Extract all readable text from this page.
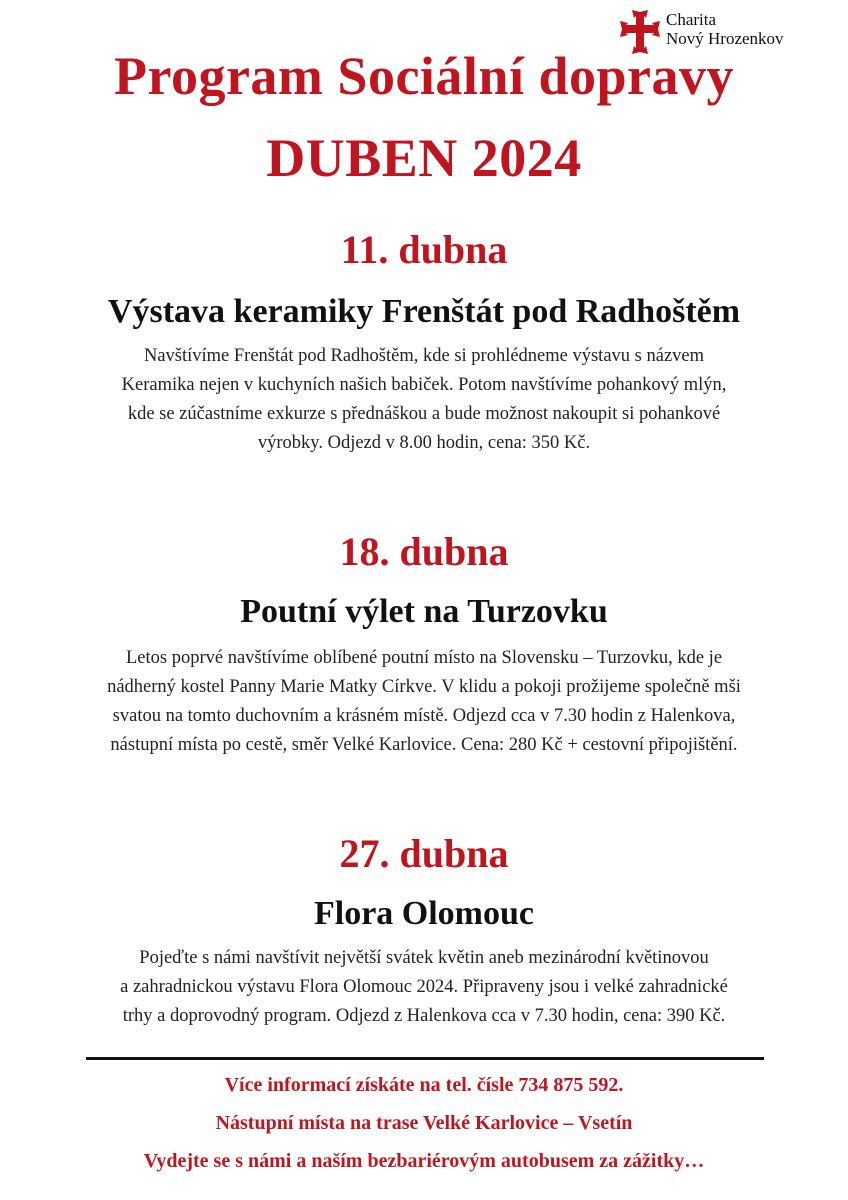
Charita
Nový Hrozenkov
Program Sociální dopravy
DUBEN 2024
11. dubna
Výstava keramiky Frenštát pod Radhoštěm
Navštívíme Frenštát pod Radhoštěm, kde si prohlédneme výstavu s názvem
Keramika nejen v kuchyních našich babiček. Potom navštívíme pohankový mlýn,
kde se zúčastníme exkurze s přednáškou a bude možnost nakoupit si pohankové
výrobky. Odjezd v 8.00 hodin, cena: 350 Kč.
18. dubna
Poutní výlet na Turzovku
Letos poprvé navštívíme oblíbené poutní místo na Slovensku – Turzovku, kde je
nádherný kostel Panny Marie Matky Církve. V klidu a pokoji prožijeme společně mši
svatou na tomto duchovním a krásném místě. Odjezd cca v 7.30 hodin z Halenkova,
nástupní místa po cestě, směr Velké Karlovice. Cena: 280 Kč + cestovní připojištění.
27. dubna
Flora Olomouc
Pojeďte s námi navštívit největší svátek květin aneb mezinárodní květinovou
a zahradnickou výstavu Flora Olomouc 2024. Připraveny jsou i velké zahradnické
trhy a doprovodný program. Odjezd z Halenkova cca v 7.30 hodin, cena: 390 Kč.
Více informací získáte na tel. čísle 734 875 592.
Nástupní místa na trase Velké Karlovice – Vsetín
Vydejte se s námi a naším bezbariérovým autobusem za zážitky…
